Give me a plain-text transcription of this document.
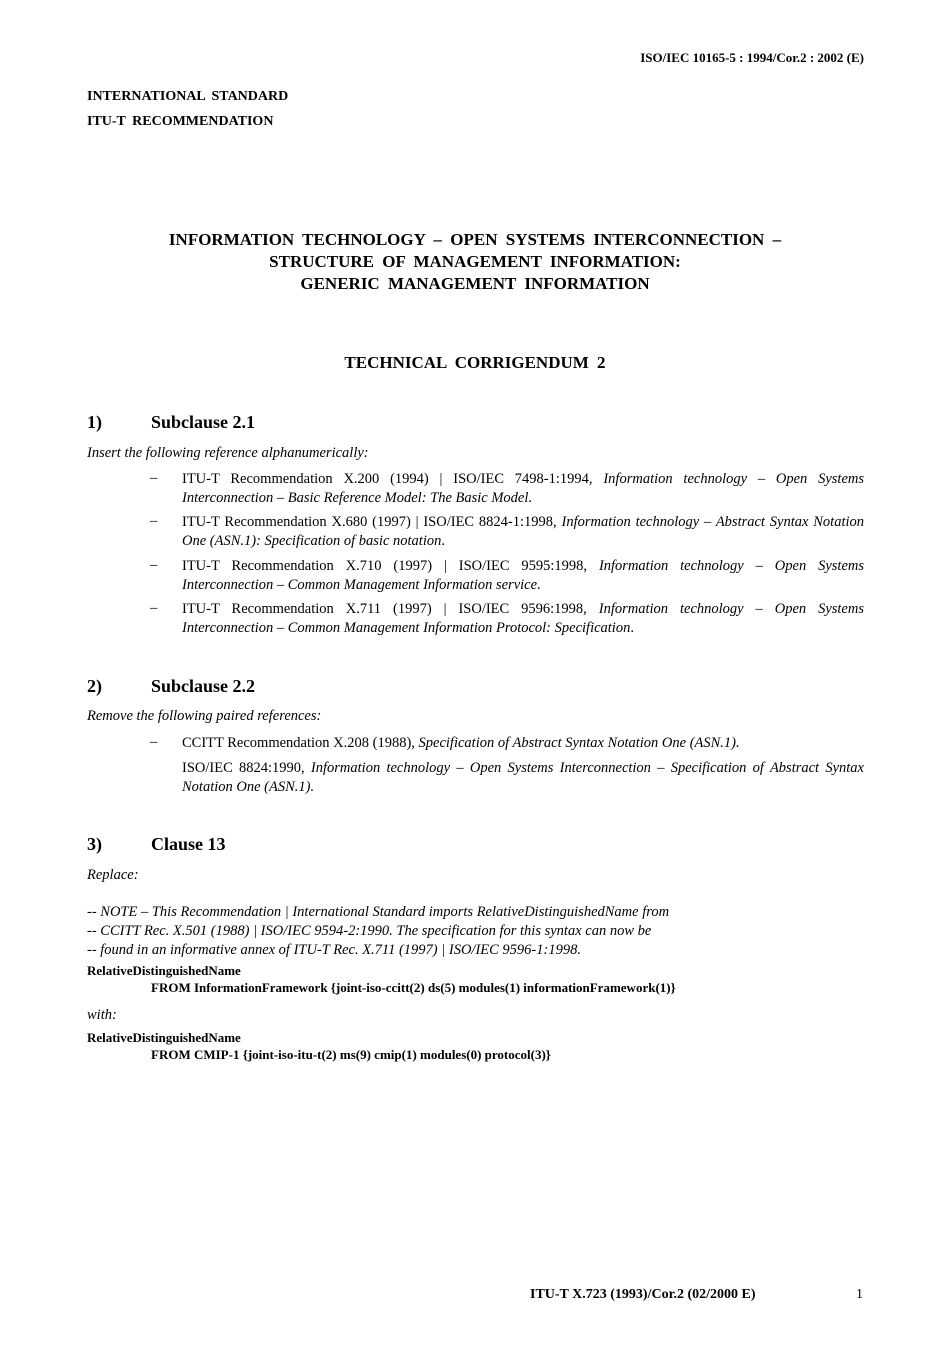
ISO/IEC 10165-5 : 1994/Cor.2 : 2002 (E)
INTERNATIONAL STANDARD
ITU-T RECOMMENDATION
INFORMATION TECHNOLOGY – OPEN SYSTEMS INTERCONNECTION –
STRUCTURE OF MANAGEMENT INFORMATION:
GENERIC MANAGEMENT INFORMATION
TECHNICAL CORRIGENDUM 2
1)	Subclause 2.1
Insert the following reference alphanumerically:
– ITU-T Recommendation X.200 (1994) | ISO/IEC 7498-1:1994, Information technology – Open Systems Interconnection – Basic Reference Model: The Basic Model.
– ITU-T Recommendation X.680 (1997) | ISO/IEC 8824-1:1998, Information technology – Abstract Syntax Notation One (ASN.1): Specification of basic notation.
– ITU-T Recommendation X.710 (1997) | ISO/IEC 9595:1998, Information technology – Open Systems Interconnection – Common Management Information service.
– ITU-T Recommendation X.711 (1997) | ISO/IEC 9596:1998, Information technology – Open Systems Interconnection – Common Management Information Protocol: Specification.
2)	Subclause 2.2
Remove the following paired references:
– CCITT Recommendation X.208 (1988), Specification of Abstract Syntax Notation One (ASN.1).
ISO/IEC 8824:1990, Information technology – Open Systems Interconnection – Specification of Abstract Syntax Notation One (ASN.1).
3)	Clause 13
Replace:
-- NOTE – This Recommendation | International Standard imports RelativeDistinguishedName from
-- CCITT Rec. X.501 (1988) | ISO/IEC 9594-2:1990. The specification for this syntax can now be
-- found in an informative annex of ITU-T Rec. X.711 (1997) | ISO/IEC 9596-1:1998.
RelativeDistinguishedName
FROM InformationFramework {joint-iso-ccitt(2) ds(5) modules(1) informationFramework(1)}
with:
RelativeDistinguishedName
FROM CMIP-1 {joint-iso-itu-t(2) ms(9) cmip(1) modules(0) protocol(3)}
ITU-T X.723 (1993)/Cor.2 (02/2000 E)	1
